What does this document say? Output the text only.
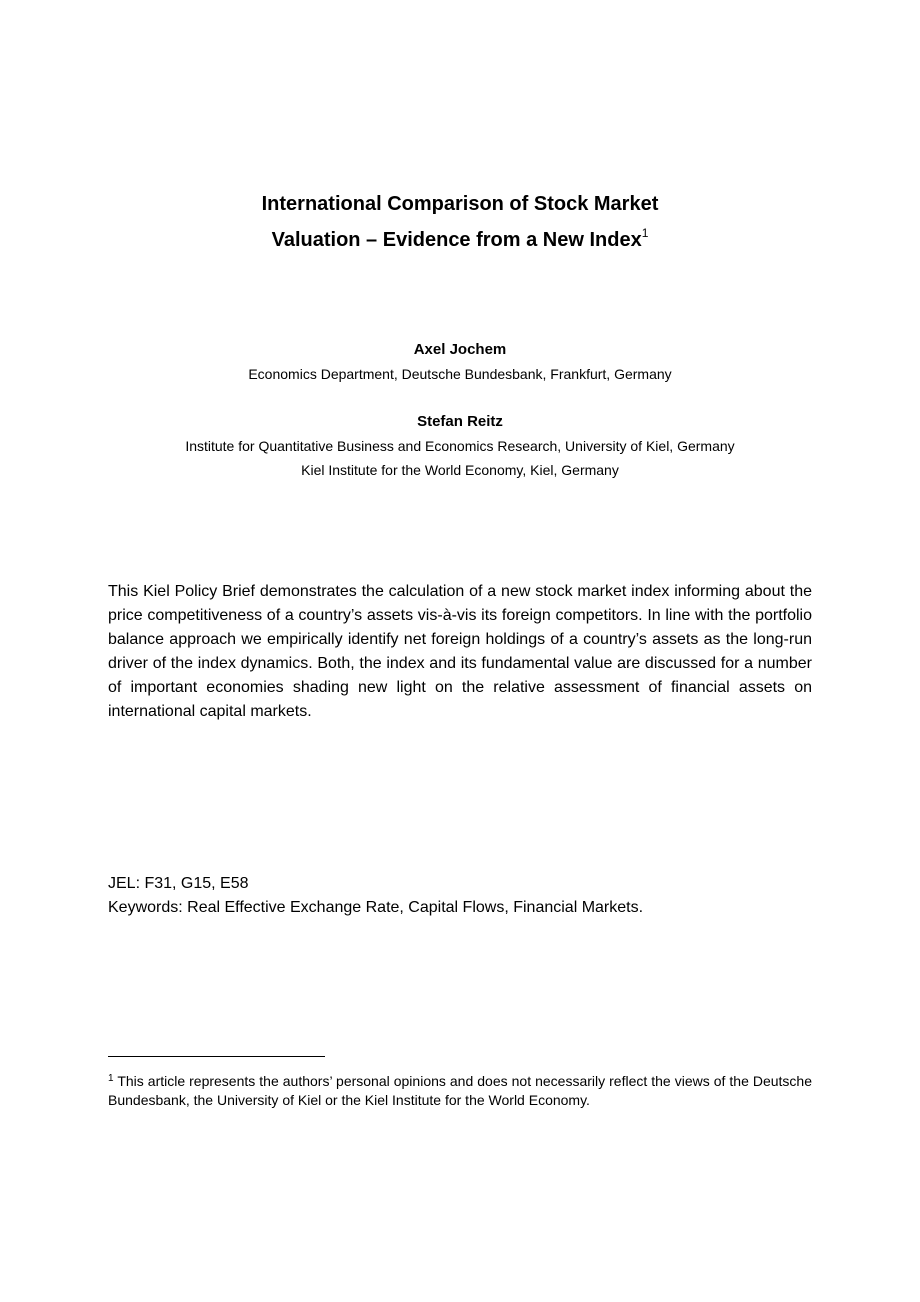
International Comparison of Stock Market
Valuation – Evidence from a New Index$^1$
Axel Jochem
Economics Department, Deutsche Bundesbank, Frankfurt, Germany
Stefan Reitz
Institute for Quantitative Business and Economics Research, University of Kiel, Germany
Kiel Institute for the World Economy, Kiel, Germany

This Kiel Policy Brief demonstrates the calculation of a new stock market index informing about the price competitiveness of a country’s assets vis-à-vis its foreign competitors. In line with the portfolio balance approach we empirically identify net foreign holdings of a country’s assets as the long-run driver of the index dynamics. Both, the index and its fundamental value are discussed for a number of important economies shading new light on the relative assessment of financial assets on international capital markets.

JEL: F31, G15, E58
Keywords: Real Effective Exchange Rate, Capital Flows, Financial Markets.

$^1$ This article represents the authors’ personal opinions and does not necessarily reflect the views of the Deutsche Bundesbank, the University of Kiel or the Kiel Institute for the World Economy.
